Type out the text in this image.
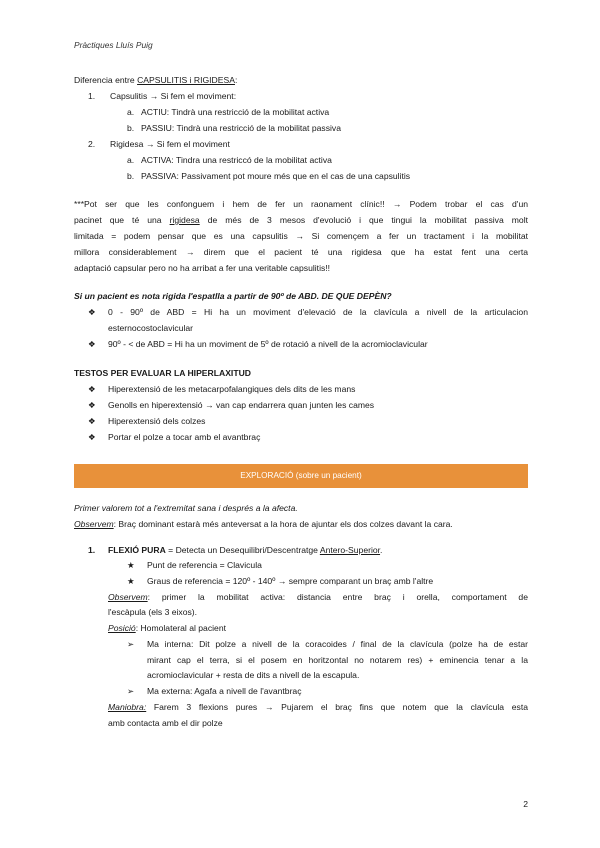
Pràctiques Lluís Puig
Diferencia entre CAPSULITIS i RIGIDESA:
1. Capsulitis → Si fem el moviment:
a. ACTIU: Tindrà una restricció de la mobilitat activa
b. PASSIU: Tindrà una restricció de la mobilitat passiva
2. Rigidesa → Si fem el moviment
a. ACTIVA: Tindra una restriccó de la mobilitat activa
b. PASSIVA: Passivament pot moure més que en el cas de una capsulitis
***Pot ser que les confonguem i hem de fer un raonament clínic!! → Podem trobar el cas d'un
pacinet que té una rigidesa de més de 3 mesos d'evolució i que tingui la mobilitat passiva molt
limitada = podem pensar que es una capsulitis → Si començem a fer un tractament i la mobilitat
millora considerablement → direm que el pacient té una rigidesa que ha estat fent una certa
adaptació capsular pero no ha arribat a fer una veritable capsulitis!!
Si un pacient es nota rigida l'espatlla a partir de 90º de ABD. DE QUE DEPÈN?
❖	0 - 90º de ABD = Hi ha un moviment d'elevació de la clavícula a nivell de la articulacion
esternocostoclavicular
❖ 90º - < de ABD = Hi ha un moviment de 5º de rotació a nivell de la acromioclavicular
TESTOS PER EVALUAR LA HIPERLAXITUD
❖ Hiperextensió de les metacarpofalangiques dels dits de les mans
❖ Genolls en hiperextensió → van cap endarrera quan junten les cames
❖ Hiperextensió dels colzes
❖ Portar el polze a tocar amb el avantbraç
EXPLORACIÓ (sobre un pacient)
Primer valorem tot a l'extremitat sana i després a la afecta.
Observem: Braç dominant estarà més anteversat a la hora de ajuntar els dos colzes davant la cara.
1. FLEXIÓ PURA = Detecta un Desequilibri/Descentratge Antero-Superior.
★ Punt de referencia = Clavicula
★ Graus de referencia = 120º - 140º → sempre comparant un braç amb l'altre
Observem: primer la mobilitat activa: distancia entre braç i orella, comportament de
l'escàpula (els 3 eixos).
Posició: Homolateral al pacient
➢	Ma interna: Dit polze a nivell de la coracoides / final de la clavícula (polze ha de estar
mirant cap el terra, si el posem en horitzontal no notarem res) + eminencia tenar a la
acromioclavicular + resta de dits a nivell de la escapula.
➢ Ma externa: Agafa a nivell de l'avantbraç
Maniobra: Farem 3 flexions pures → Pujarem el braç fins que notem que la clavícula esta
amb contacta amb el dir polze
2
